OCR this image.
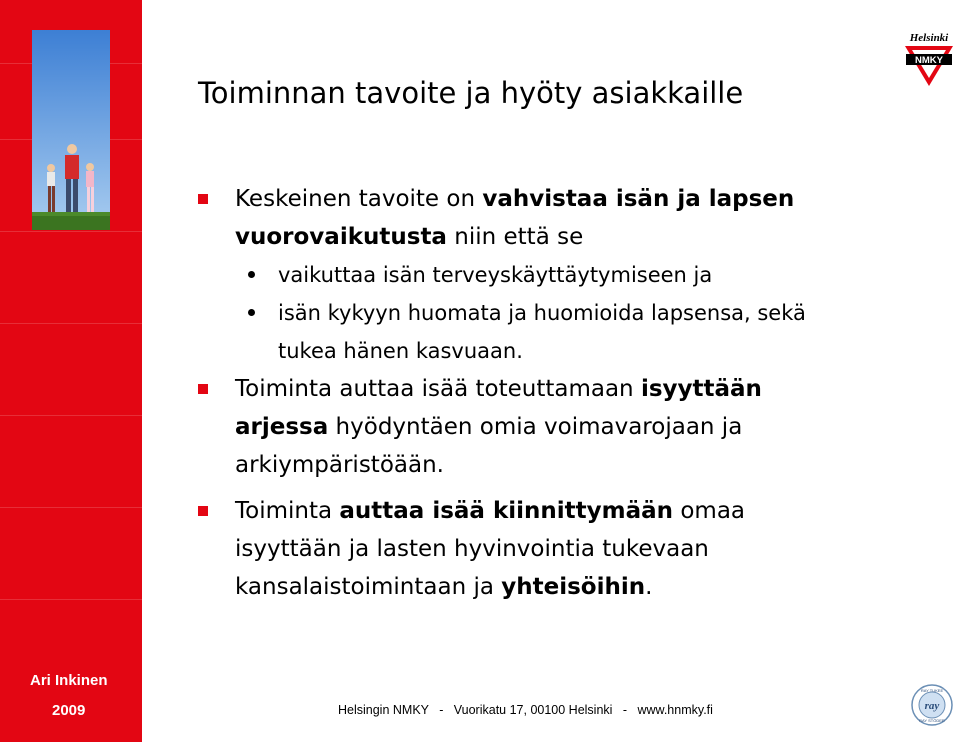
Ari Inkinen
2009
Helsinki
NMKY
Toiminnan tavoite ja hyöty asiakkaille
Keskeinen tavoite on vahvistaa isän ja lapsen vuorovaikutusta niin että se
vaikuttaa isän terveyskäyttäytymiseen ja
isän kykyyn huomata ja huomioida lapsensa, sekä tukea hänen kasvuaan.
Toiminta auttaa isää toteuttamaan isyyttään arjessa hyödyntäen omia voimavarojaan ja arkiympäristöään.
Toiminta auttaa isää kiinnittymään omaa isyyttään ja lasten hyvinvointia tukevaan kansalaistoimintaan ja yhteisöihin.
Helsingin NMKY   -   Vuorikatu 17, 00100 Helsinki   -   www.hnmky.fi	ray
RAY TUKEE
RAY STÖDER
